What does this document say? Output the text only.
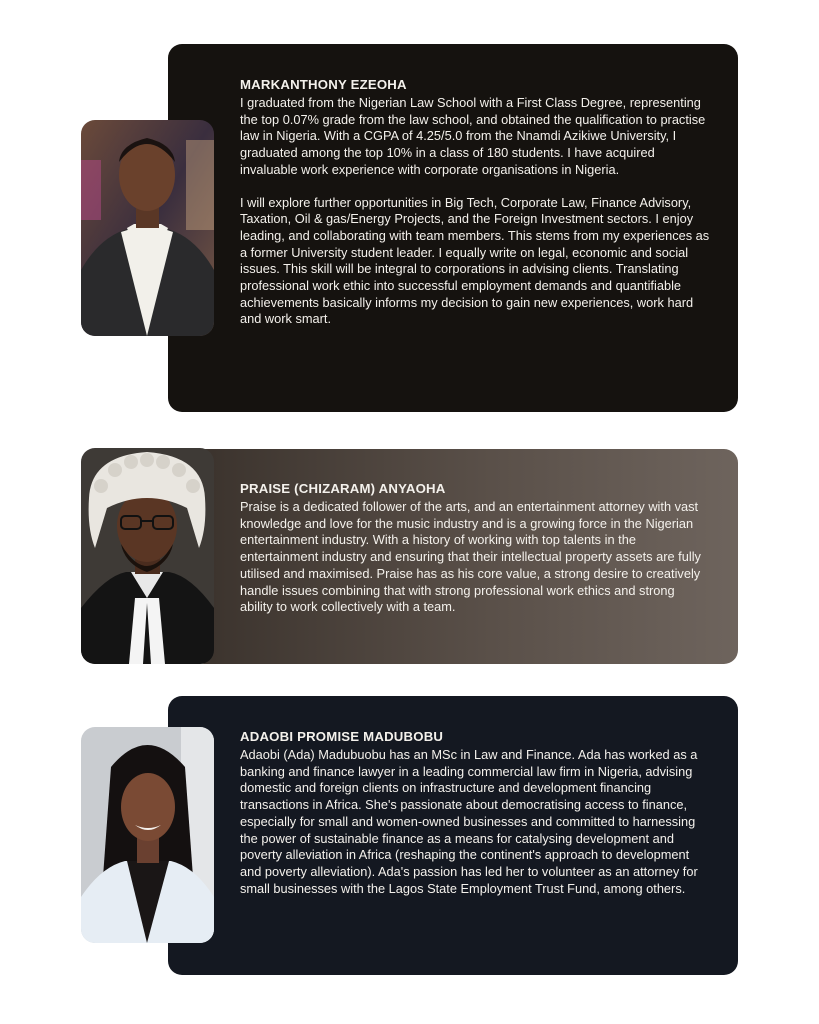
MARKANTHONY EZEOHA

I graduated from the Nigerian Law School with a First Class Degree, representing the top 0.07% grade from the law school, and obtained the qualification to practise law in Nigeria. With a CGPA of 4.25/5.0 from the Nnamdi Azikiwe University, I graduated among the top 10% in a class of 180 students. I have acquired invaluable work experience with corporate organisations in Nigeria.

I will explore further opportunities in Big Tech, Corporate Law, Finance Advisory, Taxation, Oil & gas/Energy Projects, and the Foreign Investment sectors. I enjoy leading, and collaborating with team members. This stems from my experiences as a former University student leader. I equally write on legal, economic and social issues. This skill will be integral to corporations in advising clients. Translating professional work ethic into successful employment demands and quantifiable achievements basically informs my decision to gain new experiences, work hard and work smart.

PRAISE (CHIZARAM) ANYAOHA

Praise is a dedicated follower of the arts, and an entertainment attorney with vast knowledge and love for the music industry and is a growing force in the Nigerian entertainment industry. With a history of working with top talents in the entertainment industry and ensuring that their intellectual property assets are fully utilised and maximised. Praise has as his core value, a strong desire to creatively handle issues combining that with strong professional work ethics and strong ability to work collectively with a team.

ADAOBI PROMISE MADUBOBU

Adaobi (Ada) Madubuobu has an MSc in Law and Finance. Ada has worked as a banking and finance lawyer in a leading commercial law firm in Nigeria, advising domestic and foreign clients on infrastructure and development financing transactions in Africa. She's passionate about democratising access to finance, especially for small and women-owned businesses and committed to harnessing the power of sustainable finance as a means for catalysing development and poverty alleviation in Africa (reshaping the continent's approach to development and poverty alleviation). Ada's passion has led her to volunteer as an attorney for small businesses with the Lagos State Employment Trust Fund, among others.
